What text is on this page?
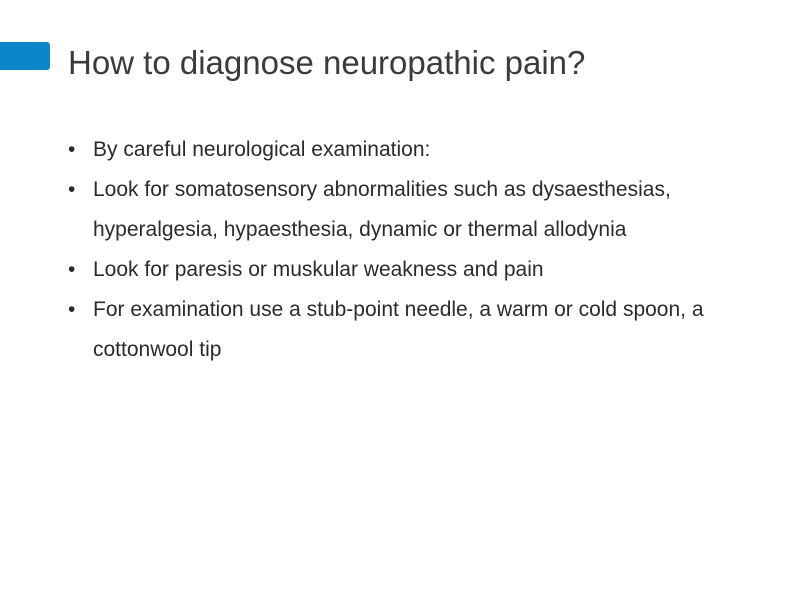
How to diagnose neuropathic pain?
• By careful neurological examination:
• Look for somatosensory abnormalities such as dysaesthesias, hyperalgesia, hypaesthesia, dynamic or thermal allodynia
• Look for paresis or muskular weakness and pain
• For examination use a stub-point needle, a warm or cold spoon, a cottonwool tip
